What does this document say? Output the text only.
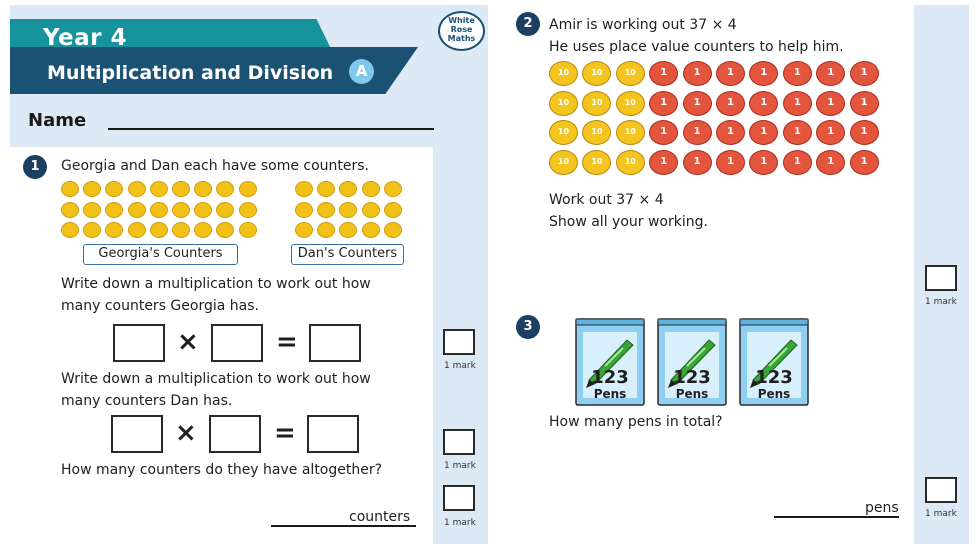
Year 4
Multiplication and Division	A
White
Rose
Maths
Name
1	Georgia and Dan each have some counters.
Georgia's Counters	Dan's Counters
Write down a multiplication to work out how
many counters Georgia has.
×	=
1 mark
Write down a multiplication to work out how
many counters Dan has.
×	=
1 mark
How many counters do they have altogether?
1 mark
counters
2	Amir is working out 37 × 4
He uses place value counters to help him.
10	10	10	1	1	1	1	1	1	1
10	10	10	1	1	1	1	1	1	1
10	10	10	1	1	1	1	1	1	1
10	10	10	1	1	1	1	1	1	1
Work out 37 × 4
Show all your working.
1 mark
3
123
Pens
123
Pens
123
Pens
How many pens in total?
1 mark
pens
